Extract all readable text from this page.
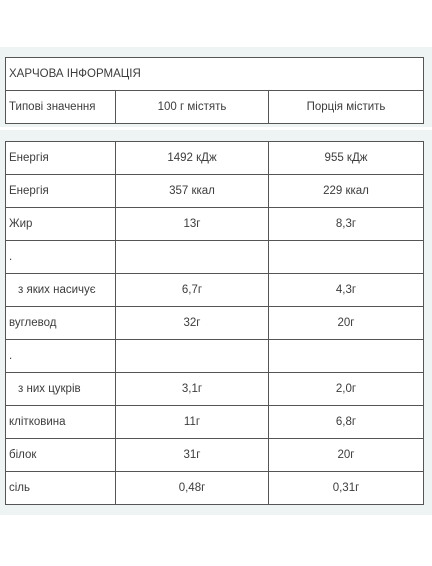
ХАРЧОВА ІНФОРМАЦІЯ
Типові значення	100 г містять	Порція містить
Енергія	1492 кДж	955 кДж
Енергія	357 ккал	229 ккал
Жир	13г	8,3г
.		
з яких насичує	6,7г	4,3г
вуглевод	32г	20г
.		
з них цукрів	3,1г	2,0г
клітковина	11г	6,8г
білок	31г	20г
сіль	0,48г	0,31г
